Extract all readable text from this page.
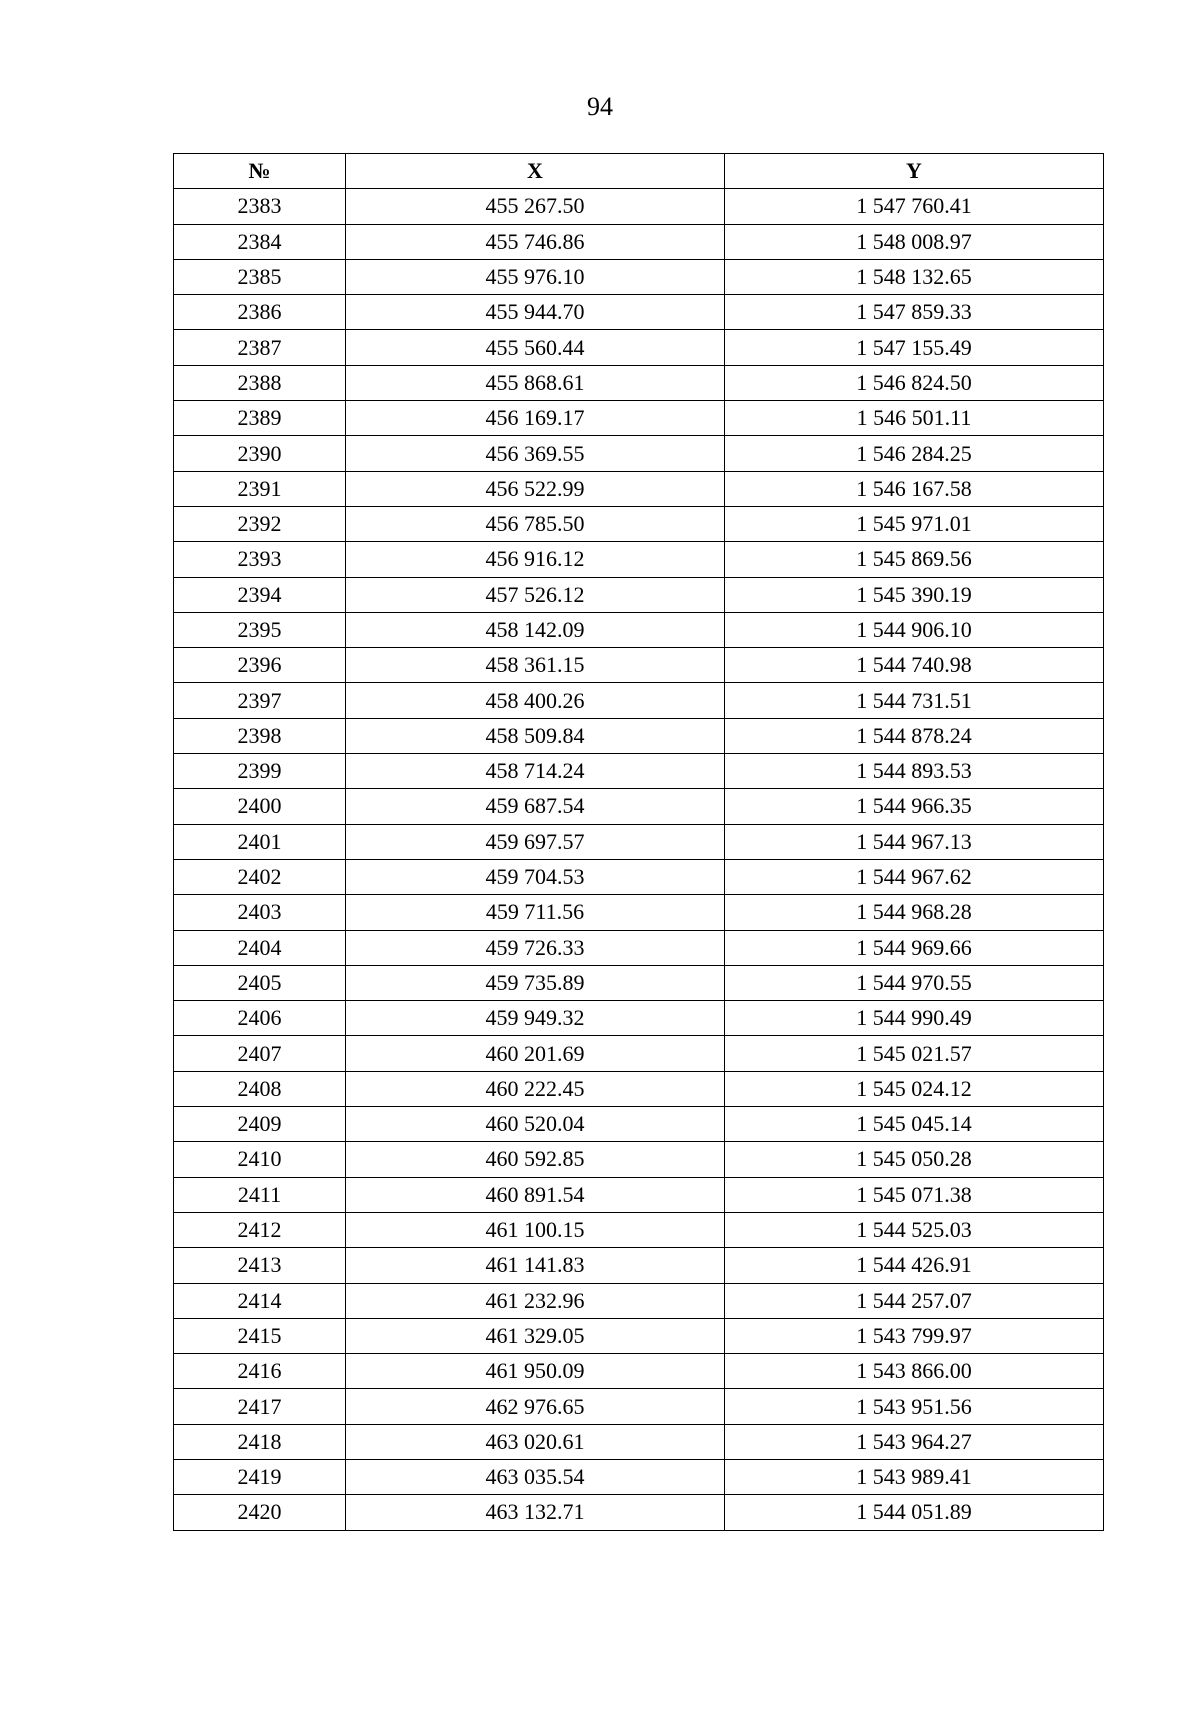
94
№	X	Y
2383	455 267.50	1 547 760.41
2384	455 746.86	1 548 008.97
2385	455 976.10	1 548 132.65
2386	455 944.70	1 547 859.33
2387	455 560.44	1 547 155.49
2388	455 868.61	1 546 824.50
2389	456 169.17	1 546 501.11
2390	456 369.55	1 546 284.25
2391	456 522.99	1 546 167.58
2392	456 785.50	1 545 971.01
2393	456 916.12	1 545 869.56
2394	457 526.12	1 545 390.19
2395	458 142.09	1 544 906.10
2396	458 361.15	1 544 740.98
2397	458 400.26	1 544 731.51
2398	458 509.84	1 544 878.24
2399	458 714.24	1 544 893.53
2400	459 687.54	1 544 966.35
2401	459 697.57	1 544 967.13
2402	459 704.53	1 544 967.62
2403	459 711.56	1 544 968.28
2404	459 726.33	1 544 969.66
2405	459 735.89	1 544 970.55
2406	459 949.32	1 544 990.49
2407	460 201.69	1 545 021.57
2408	460 222.45	1 545 024.12
2409	460 520.04	1 545 045.14
2410	460 592.85	1 545 050.28
2411	460 891.54	1 545 071.38
2412	461 100.15	1 544 525.03
2413	461 141.83	1 544 426.91
2414	461 232.96	1 544 257.07
2415	461 329.05	1 543 799.97
2416	461 950.09	1 543 866.00
2417	462 976.65	1 543 951.56
2418	463 020.61	1 543 964.27
2419	463 035.54	1 543 989.41
2420	463 132.71	1 544 051.89
